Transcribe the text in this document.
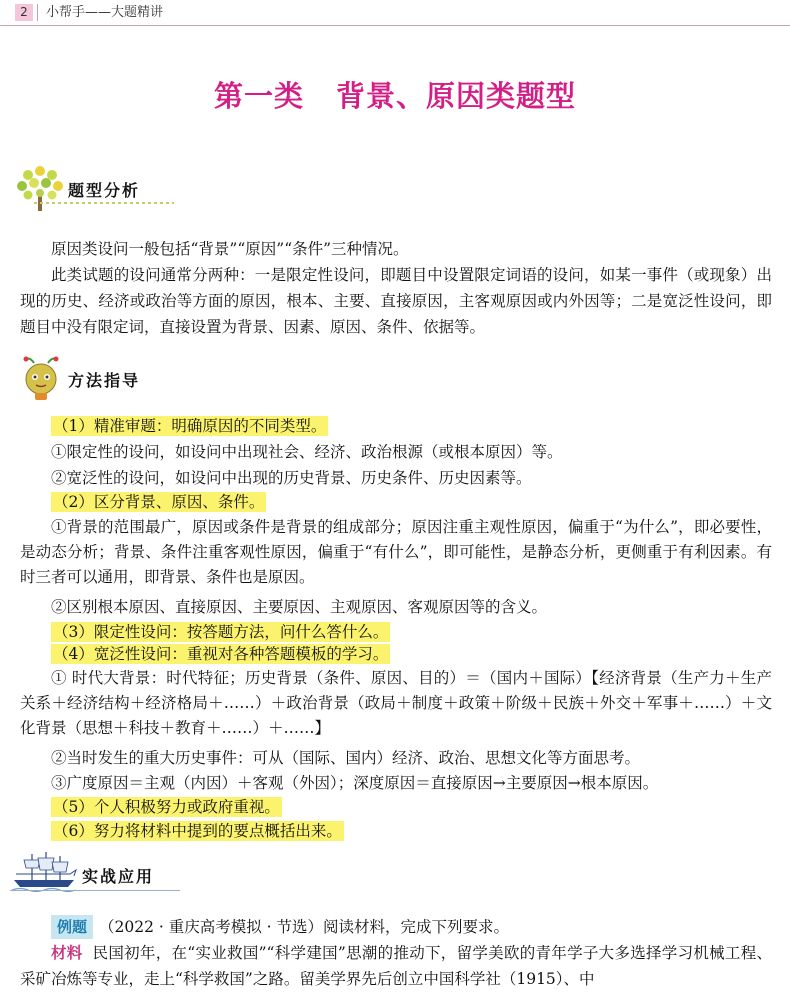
2	小帮手——大题精讲
第一类 背景、原因类题型
题型分析

原因类设问一般包括“背景”“原因”“条件”三种情况。

此类试题的设问通常分两种：一是限定性设问，即题目中设置限定词语的设问，如某一事件（或现象）出现的历史、经济或政治等方面的原因，根本、主要、直接原因，主客观原因或内外因等；二是宽泛性设问，即题目中没有限定词，直接设置为背景、因素、原因、条件、依据等。

方法指导
（1）精准审题：明确原因的不同类型。
①限定性的设问，如设问中出现社会、经济、政治根源（或根本原因）等。
②宽泛性的设问，如设问中出现的历史背景、历史条件、历史因素等。
（2）区分背景、原因、条件。

①背景的范围最广，原因或条件是背景的组成部分；原因注重主观性原因，偏重于“为什么”，即必要性，是动态分析；背景、条件注重客观性原因，偏重于“有什么”，即可能性，是静态分析，更侧重于有利因素。有时三者可以通用，即背景、条件也是原因。

②区别根本原因、直接原因、主要原因、主观原因、客观原因等的含义。
（3）限定性设问：按答题方法，问什么答什么。
（4）宽泛性设问：重视对各种答题模板的学习。

① 时代大背景：时代特征；历史背景（条件、原因、目的）＝（国内＋国际）【经济背景（生产力＋生产关系＋经济结构＋经济格局＋……）＋政治背景（政局＋制度＋政策＋阶级＋民族＋外交＋军事＋……）＋文化背景（思想＋科技＋教育＋……）＋……】

②当时发生的重大历史事件：可从（国际、国内）经济、政治、思想文化等方面思考。
③广度原因＝主观（内因）＋客观（外因）；深度原因＝直接原因→主要原因→根本原因。
（5）个人积极努力或政府重视。
（6）努力将材料中提到的要点概括出来。
实战应用
例题 （2022 · 重庆高考模拟 · 节选）阅读材料，完成下列要求。

材料 民国初年，在“实业救国”“科学建国”思潮的推动下，留学美欧的青年学子大多选择学习机械工程、采矿冶炼等专业，走上“科学救国”之路。留美学界先后创立中国科学社（1915）、中
